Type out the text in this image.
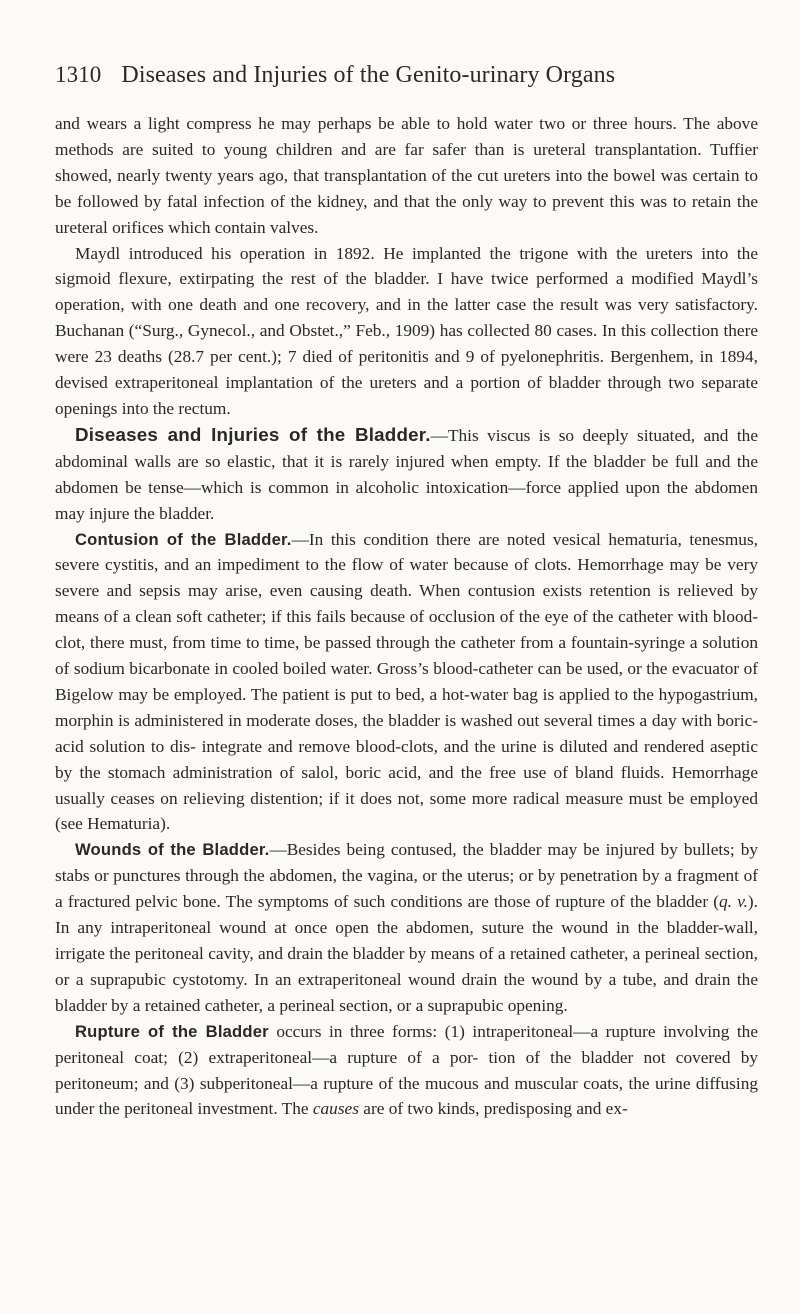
1310 Diseases and Injuries of the Genito-urinary Organs

and wears a light compress he may perhaps be able to hold water two or three hours. The above methods are suited to young children and are far safer than is ureteral transplantation. Tuffier showed, nearly twenty years ago, that transplantation of the cut ureters into the bowel was certain to be followed by fatal infection of the kidney, and that the only way to prevent this was to retain the ureteral orifices which contain valves.

Maydl introduced his operation in 1892. He implanted the trigone with the ureters into the sigmoid flexure, extirpating the rest of the bladder. I have twice performed a modified Maydl’s operation, with one death and one recovery, and in the latter case the result was very satisfactory. Buchanan (“Surg., Gynecol., and Obstet.,” Feb., 1909) has collected 80 cases. In this collection there were 23 deaths (28.7 per cent.); 7 died of peritonitis and 9 of pyelonephritis. Bergenhem, in 1894, devised extraperitoneal implantation of the ureters and a portion of bladder through two separate openings into the rectum.

Diseases and Injuries of the Bladder.—This viscus is so deeply situated, and the abdominal walls are so elastic, that it is rarely injured when empty. If the bladder be full and the abdomen be tense—which is common in alcoholic intoxication—force applied upon the abdomen may injure the bladder.

Contusion of the Bladder.—In this condition there are noted vesical hematuria, tenesmus, severe cystitis, and an impediment to the flow of water because of clots. Hemorrhage may be very severe and sepsis may arise, even causing death. When contusion exists retention is relieved by means of a clean soft catheter; if this fails because of occlusion of the eye of the catheter with blood-clot, there must, from time to time, be passed through the catheter from a fountain-syringe a solution of sodium bicarbonate in cooled boiled water. Gross’s blood-catheter can be used, or the evacuator of Bigelow may be employed. The patient is put to bed, a hot-water bag is applied to the hypogastrium, morphin is administered in moderate doses, the bladder is washed out several times a day with boric-acid solution to dis- integrate and remove blood-clots, and the urine is diluted and rendered aseptic by the stomach administration of salol, boric acid, and the free use of bland fluids. Hemorrhage usually ceases on relieving distention; if it does not, some more radical measure must be employed (see Hematuria).

Wounds of the Bladder.—Besides being contused, the bladder may be injured by bullets; by stabs or punctures through the abdomen, the vagina, or the uterus; or by penetration by a fragment of a fractured pelvic bone. The symptoms of such conditions are those of rupture of the bladder (q. v.). In any intraperitoneal wound at once open the abdomen, suture the wound in the bladder-wall, irrigate the peritoneal cavity, and drain the bladder by means of a retained catheter, a perineal section, or a suprapubic cystotomy. In an extraperitoneal wound drain the wound by a tube, and drain the bladder by a retained catheter, a perineal section, or a suprapubic opening.

Rupture of the Bladder occurs in three forms: (1) intraperitoneal—a rupture involving the peritoneal coat; (2) extraperitoneal—a rupture of a por- tion of the bladder not covered by peritoneum; and (3) subperitoneal—a rupture of the mucous and muscular coats, the urine diffusing under the peritoneal investment. The causes are of two kinds, predisposing and ex-
